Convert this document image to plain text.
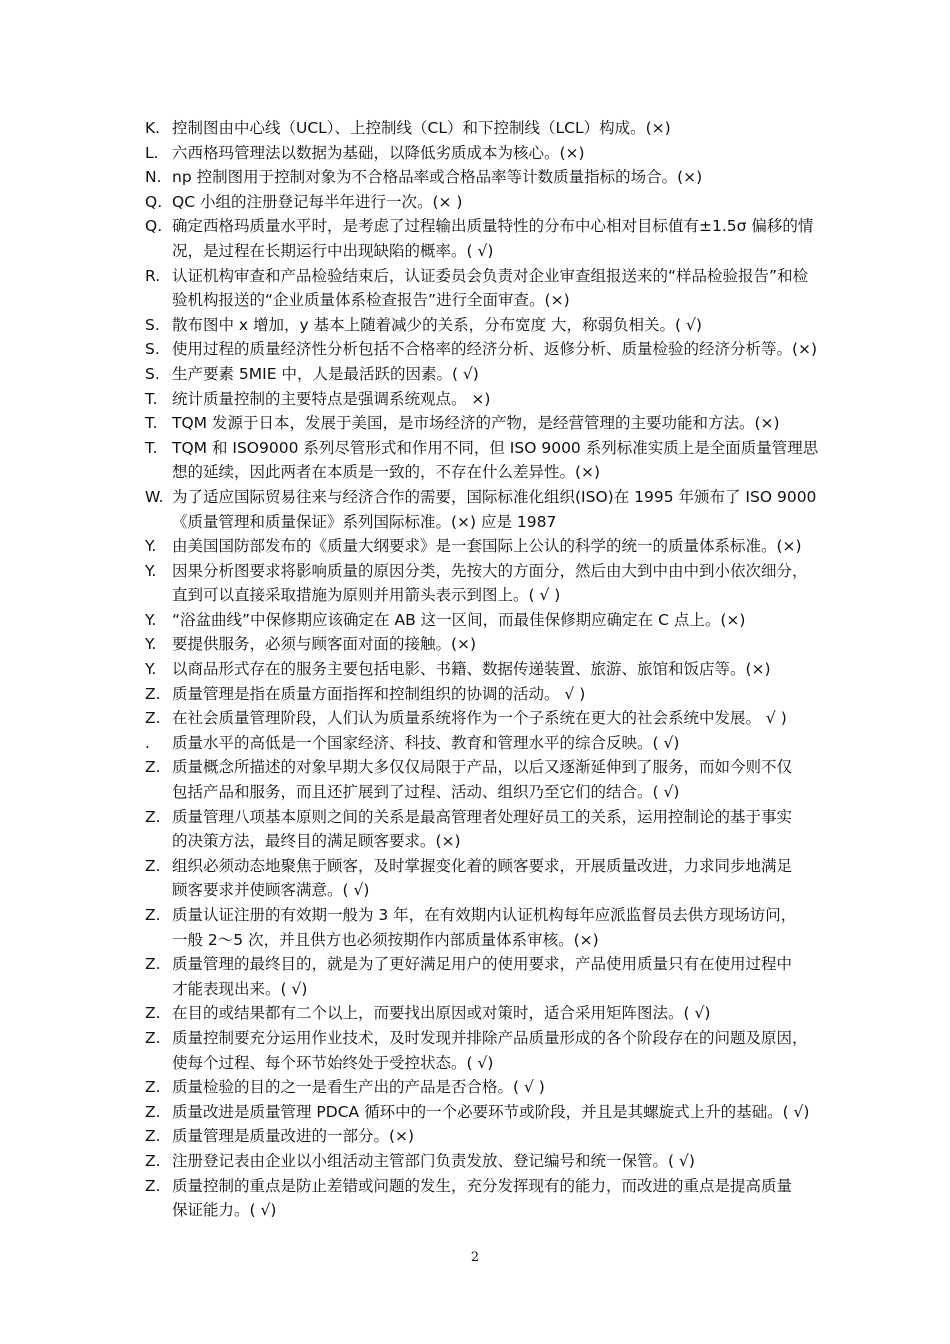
K. 控制图由中心线（UCL）、上控制线（CL）和下控制线（LCL）构成。(×)
L. 六西格玛管理法以数据为基础，以降低劣质成本为核心。(×)
N. np 控制图用于控制对象为不合格品率或合格品率等计数质量指标的场合。(×)
Q. QC 小组的注册登记每半年进行一次。(× )
Q. 确定西格玛质量水平时，是考虑了过程输出质量特性的分布中心相对目标值有±1.5σ 偏移的情
况，是过程在长期运行中出现缺陷的概率。( √)
R. 认证机构审查和产品检验结束后，认证委员会负责对企业审查组报送来的“样品检验报告”和检
验机构报送的“企业质量体系检查报告”进行全面审查。(×)
S. 散布图中 x 增加，y 基本上随着减少的关系，分布宽度 大，称弱负相关。( √)
S. 使用过程的质量经济性分析包括不合格率的经济分析、返修分析、质量检验的经济分析等。(×)
S. 生产要素 5MIE 中，人是最活跃的因素。( √)
T. 统计质量控制的主要特点是强调系统观点。 ×)
T. TQM 发源于日本，发展于美国，是市场经济的产物，是经营管理的主要功能和方法。(×)
T. TQM 和 ISO9000 系列尽管形式和作用不同，但 ISO 9000 系列标准实质上是全面质量管理思
想的延续，因此两者在本质是一致的，不存在什么差异性。(×)
W. 为了适应国际贸易往来与经济合作的需要，国际标准化组织(ISO)在 1995 年颁布了 ISO 9000
《质量管理和质量保证》系列国际标准。(×) 应是 1987
Y. 由美国国防部发布的《质量大纲要求》是一套国际上公认的科学的统一的质量体系标准。(×)
Y. 因果分析图要求将影响质量的原因分类，先按大的方面分，然后由大到中由中到小依次细分，
直到可以直接采取措施为原则并用箭头表示到图上。( √ )
Y. “浴盆曲线”中保修期应该确定在 AB 这一区间，而最佳保修期应确定在 C 点上。(×)
Y. 要提供服务，必须与顾客面对面的接触。(×)
Y. 以商品形式存在的服务主要包括电影、书籍、数据传递装置、旅游、旅馆和饭店等。(×)
Z. 质量管理是指在质量方面指挥和控制组织的协调的活动。 √ )
Z. 在社会质量管理阶段，人们认为质量系统将作为一个子系统在更大的社会系统中发展。 √ )
. 质量水平的高低是一个国家经济、科技、教育和管理水平的综合反映。( √)
Z. 质量概念所描述的对象早期大多仅仅局限于产品，以后又逐渐延伸到了服务，而如今则不仅
包括产品和服务，而且还扩展到了过程、活动、组织乃至它们的结合。( √)
Z. 质量管理八项基本原则之间的关系是最高管理者处理好员工的关系，运用控制论的基于事实
的决策方法，最终目的满足顾客要求。(×)
Z. 组织必须动态地聚焦于顾客，及时掌握变化着的顾客要求，开展质量改进，力求同步地满足
顾客要求并使顾客满意。( √)
Z. 质量认证注册的有效期一般为 3 年，在有效期内认证机构每年应派监督员去供方现场访问，
一般 2～5 次，并且供方也必须按期作内部质量体系审核。(×)
Z. 质量管理的最终目的，就是为了更好满足用户的使用要求，产品使用质量只有在使用过程中
才能表现出来。( √)
Z. 在目的或结果都有二个以上，而要找出原因或对策时，适合采用矩阵图法。( √)
Z. 质量控制要充分运用作业技术，及时发现并排除产品质量形成的各个阶段存在的问题及原因，
使每个过程、每个环节始终处于受控状态。( √)
Z. 质量检验的目的之一是看生产出的产品是否合格。( √ )
Z. 质量改进是质量管理 PDCA 循环中的一个必要环节或阶段，并且是其螺旋式上升的基础。( √)
Z. 质量管理是质量改进的一部分。(×)
Z. 注册登记表由企业以小组活动主管部门负责发放、登记编号和统一保管。( √)
Z. 质量控制的重点是防止差错或问题的发生，充分发挥现有的能力，而改进的重点是提高质量
保证能力。( √)
2
